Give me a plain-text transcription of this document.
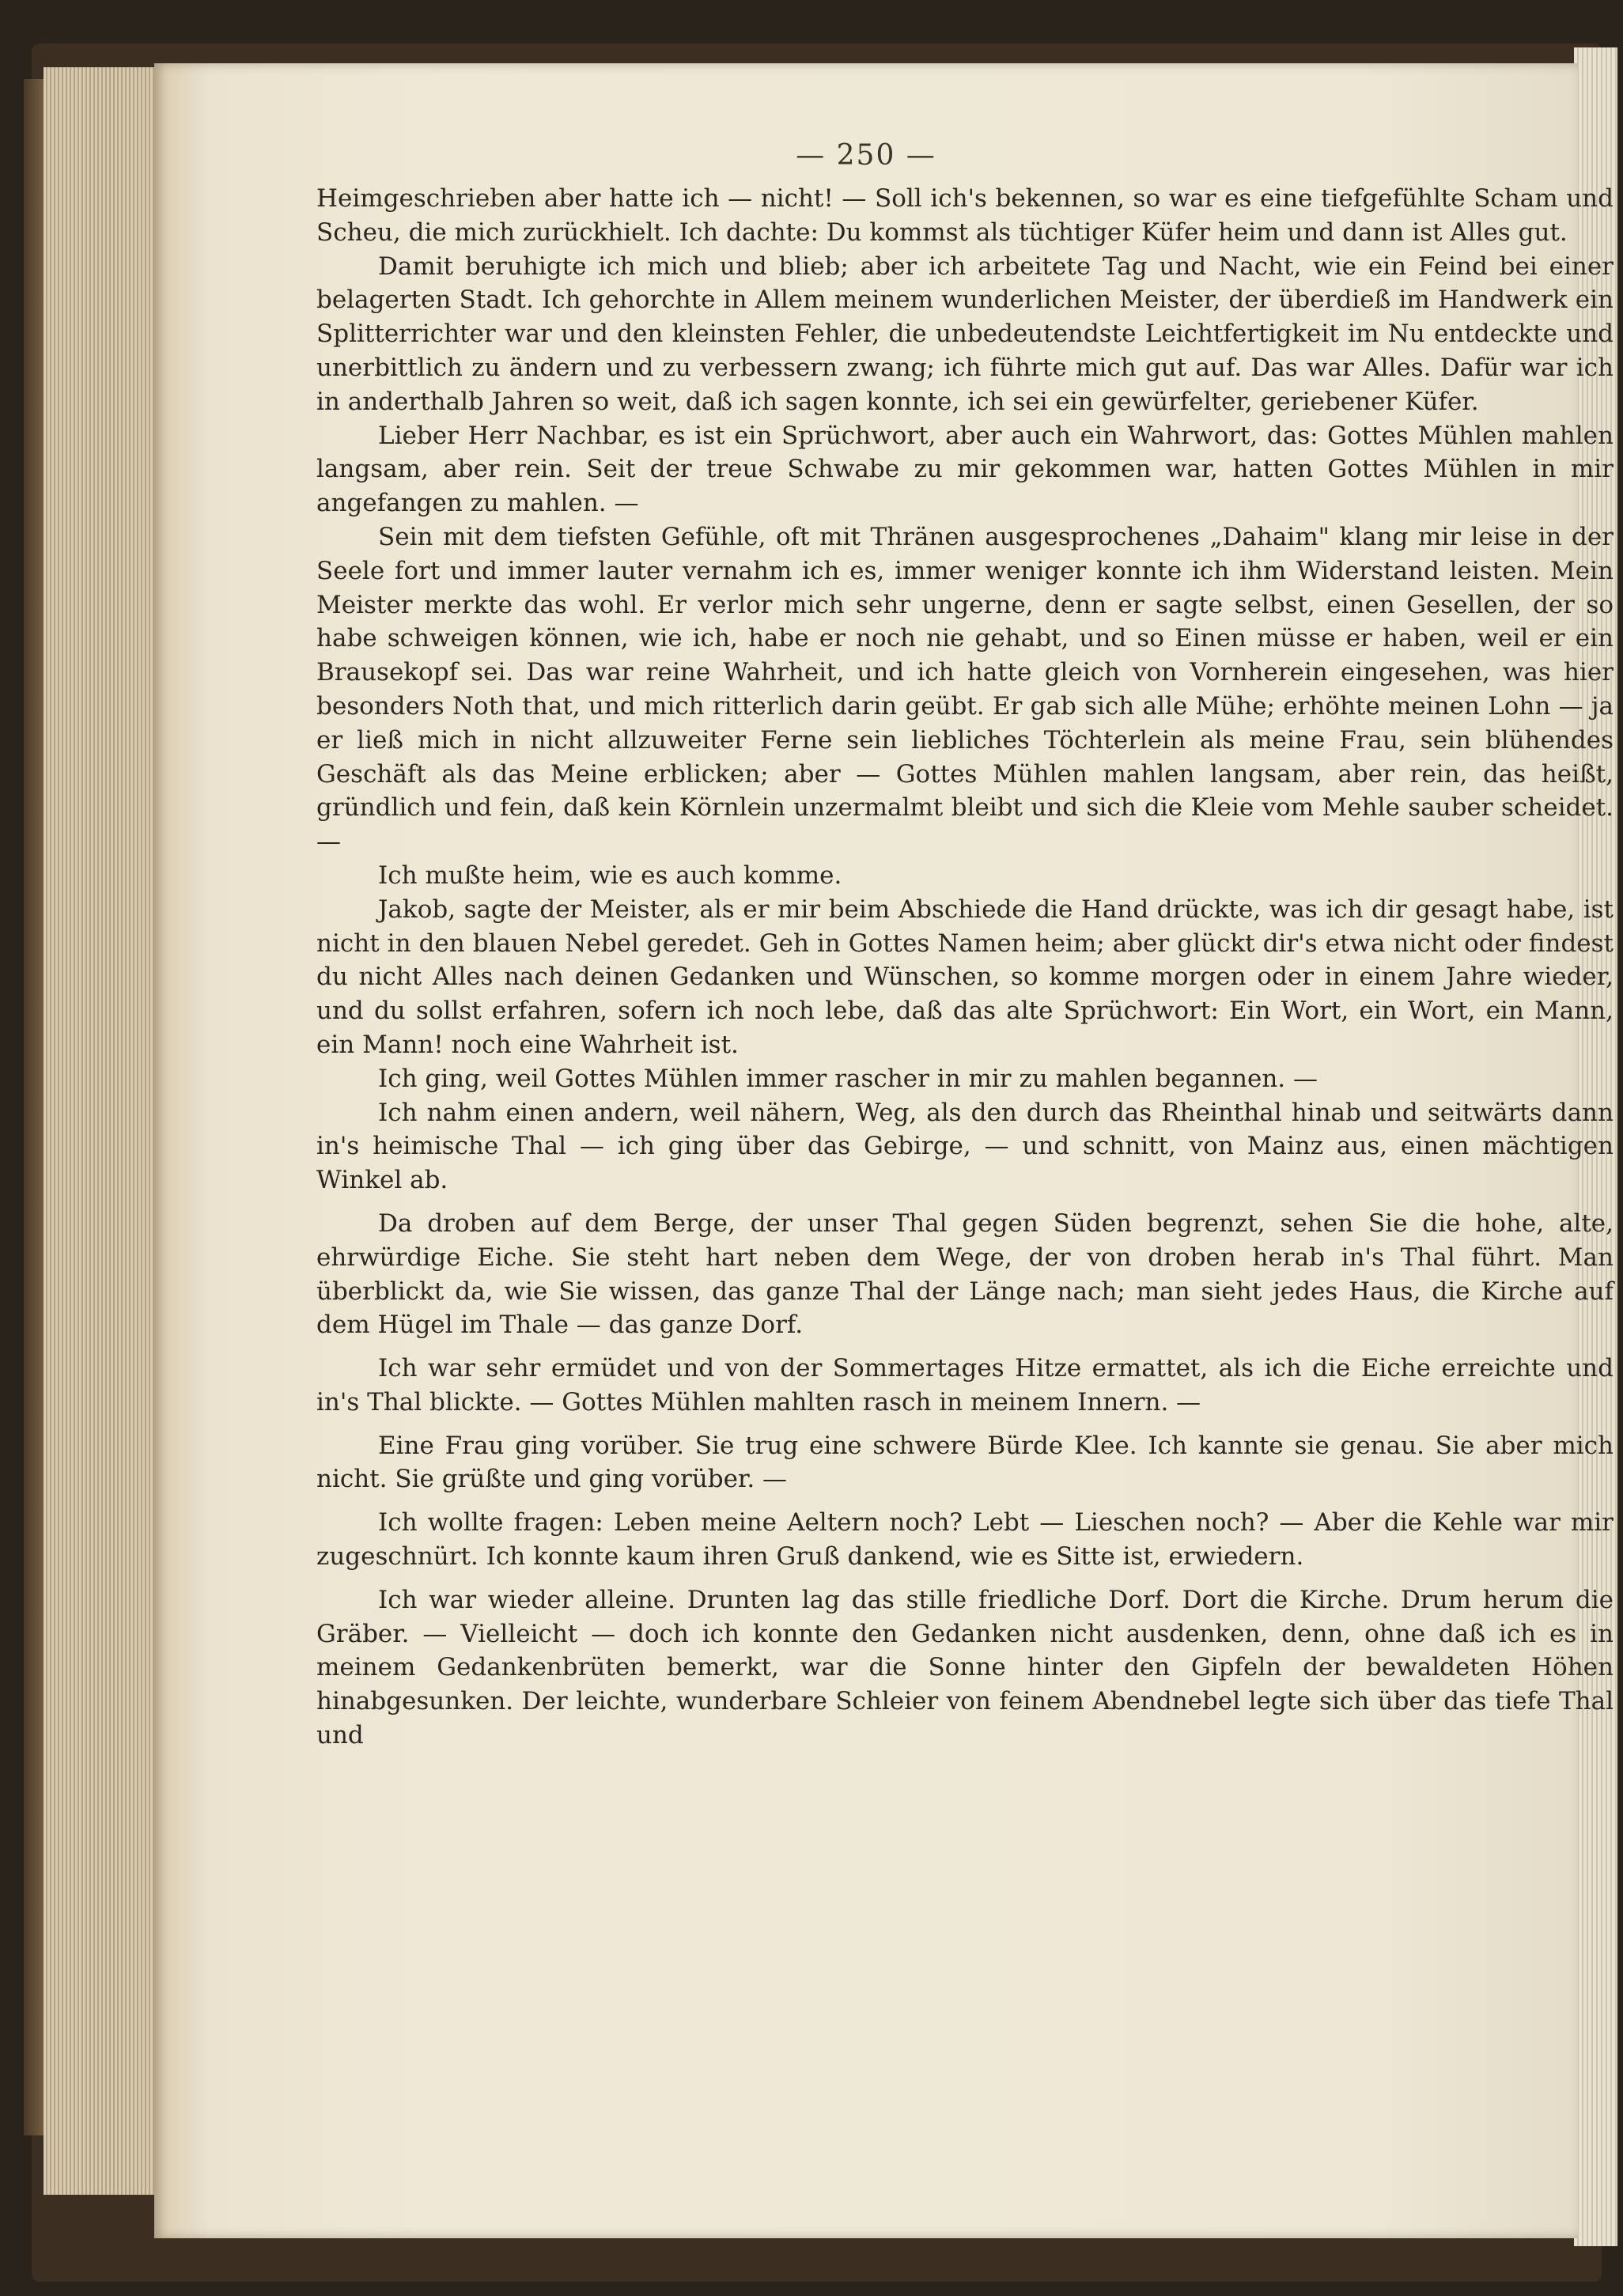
— 250 —

Heimgeschrieben aber hatte ich — nicht! — Soll ich's bekennen, so war es eine tiefgefühlte Scham und Scheu, die mich zurückhielt. Ich dachte: Du kommst als tüchtiger Küfer heim und dann ist Alles gut.

Damit beruhigte ich mich und blieb; aber ich arbeitete Tag und Nacht, wie ein Feind bei einer belagerten Stadt. Ich gehorchte in Allem meinem wunderlichen Meister, der überdieß im Handwerk ein Splitterrichter war und den kleinsten Fehler, die unbedeutendste Leichtfertigkeit im Nu entdeckte und unerbittlich zu ändern und zu verbessern zwang; ich führte mich gut auf. Das war Alles. Dafür war ich in anderthalb Jahren so weit, daß ich sagen konnte, ich sei ein gewürfelter, geriebener Küfer.

Lieber Herr Nachbar, es ist ein Sprüchwort, aber auch ein Wahrwort, das: Gottes Mühlen mahlen langsam, aber rein. Seit der treue Schwabe zu mir gekommen war, hatten Gottes Mühlen in mir angefangen zu mahlen. —

Sein mit dem tiefsten Gefühle, oft mit Thränen ausgesprochenes „Dahaim" klang mir leise in der Seele fort und immer lauter vernahm ich es, immer weniger konnte ich ihm Widerstand leisten. Mein Meister merkte das wohl. Er verlor mich sehr ungerne, denn er sagte selbst, einen Gesellen, der so habe schweigen können, wie ich, habe er noch nie gehabt, und so Einen müsse er haben, weil er ein Brausekopf sei. Das war reine Wahrheit, und ich hatte gleich von Vornherein eingesehen, was hier besonders Noth that, und mich ritterlich darin geübt. Er gab sich alle Mühe; erhöhte meinen Lohn — ja er ließ mich in nicht allzuweiter Ferne sein liebliches Töchterlein als meine Frau, sein blühendes Geschäft als das Meine erblicken; aber — Gottes Mühlen mahlen langsam, aber rein, das heißt, gründlich und fein, daß kein Körnlein unzermalmt bleibt und sich die Kleie vom Mehle sauber scheidet. —

Ich mußte heim, wie es auch komme.

Jakob, sagte der Meister, als er mir beim Abschiede die Hand drückte, was ich dir gesagt habe, ist nicht in den blauen Nebel geredet. Geh in Gottes Namen heim; aber glückt dir's etwa nicht oder findest du nicht Alles nach deinen Gedanken und Wünschen, so komme morgen oder in einem Jahre wieder, und du sollst erfahren, sofern ich noch lebe, daß das alte Sprüchwort: Ein Wort, ein Wort, ein Mann, ein Mann! noch eine Wahrheit ist.

Ich ging, weil Gottes Mühlen immer rascher in mir zu mahlen begannen. —

Ich nahm einen andern, weil nähern, Weg, als den durch das Rheinthal hinab und seitwärts dann in's heimische Thal — ich ging über das Gebirge, — und schnitt, von Mainz aus, einen mächtigen Winkel ab.

Da droben auf dem Berge, der unser Thal gegen Süden begrenzt, sehen Sie die hohe, alte, ehrwürdige Eiche. Sie steht hart neben dem Wege, der von droben herab in's Thal führt. Man überblickt da, wie Sie wissen, das ganze Thal der Länge nach; man sieht jedes Haus, die Kirche auf dem Hügel im Thale — das ganze Dorf.

Ich war sehr ermüdet und von der Sommertages Hitze ermattet, als ich die Eiche erreichte und in's Thal blickte. — Gottes Mühlen mahlten rasch in meinem Innern. —

Eine Frau ging vorüber. Sie trug eine schwere Bürde Klee. Ich kannte sie genau. Sie aber mich nicht. Sie grüßte und ging vorüber. —

Ich wollte fragen: Leben meine Aeltern noch? Lebt — Lieschen noch? — Aber die Kehle war mir zugeschnürt. Ich konnte kaum ihren Gruß dankend, wie es Sitte ist, erwiedern.

Ich war wieder alleine. Drunten lag das stille friedliche Dorf. Dort die Kirche. Drum herum die Gräber. — Vielleicht — doch ich konnte den Gedanken nicht ausdenken, denn, ohne daß ich es in meinem Gedankenbrüten bemerkt, war die Sonne hinter den Gipfeln der bewaldeten Höhen hinabgesunken. Der leichte, wunderbare Schleier von feinem Abendnebel legte sich über das tiefe Thal und
